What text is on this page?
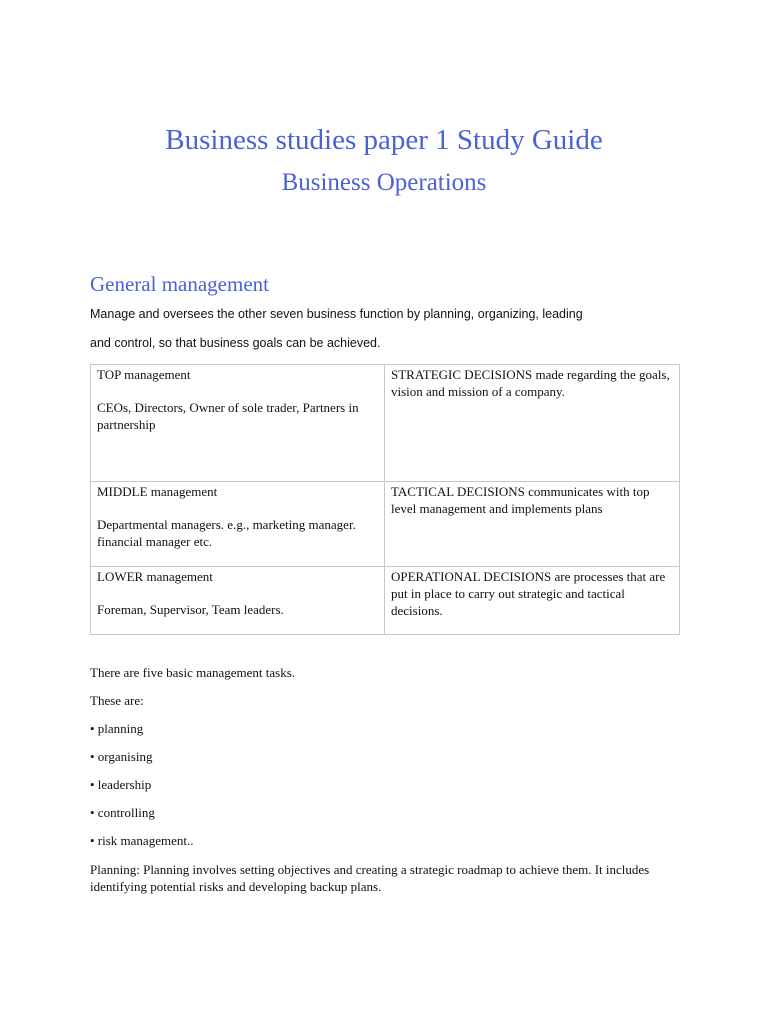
Business studies paper 1 Study Guide
Business Operations
General management

Manage and oversees the other seven business function by planning, organizing, leading

and control, so that business goals can be achieved.

TOP management
CEOs, Directors, Owner of sole trader, Partners in partnership	STRATEGIC DECISIONS made regarding the goals, vision and mission of a company.

MIDDLE management
Departmental managers. e.g., marketing manager. financial manager etc.	TACTICAL DECISIONS communicates with top level management and implements plans

LOWER management
Foreman, Supervisor, Team leaders.	OPERATIONAL DECISIONS are processes that are put in place to carry out strategic and tactical decisions.

There are five basic management tasks.

These are:

• planning

• organising

• leadership

• controlling

• risk management..

Planning: Planning involves setting objectives and creating a strategic roadmap to achieve them. It includes identifying potential risks and developing backup plans.
